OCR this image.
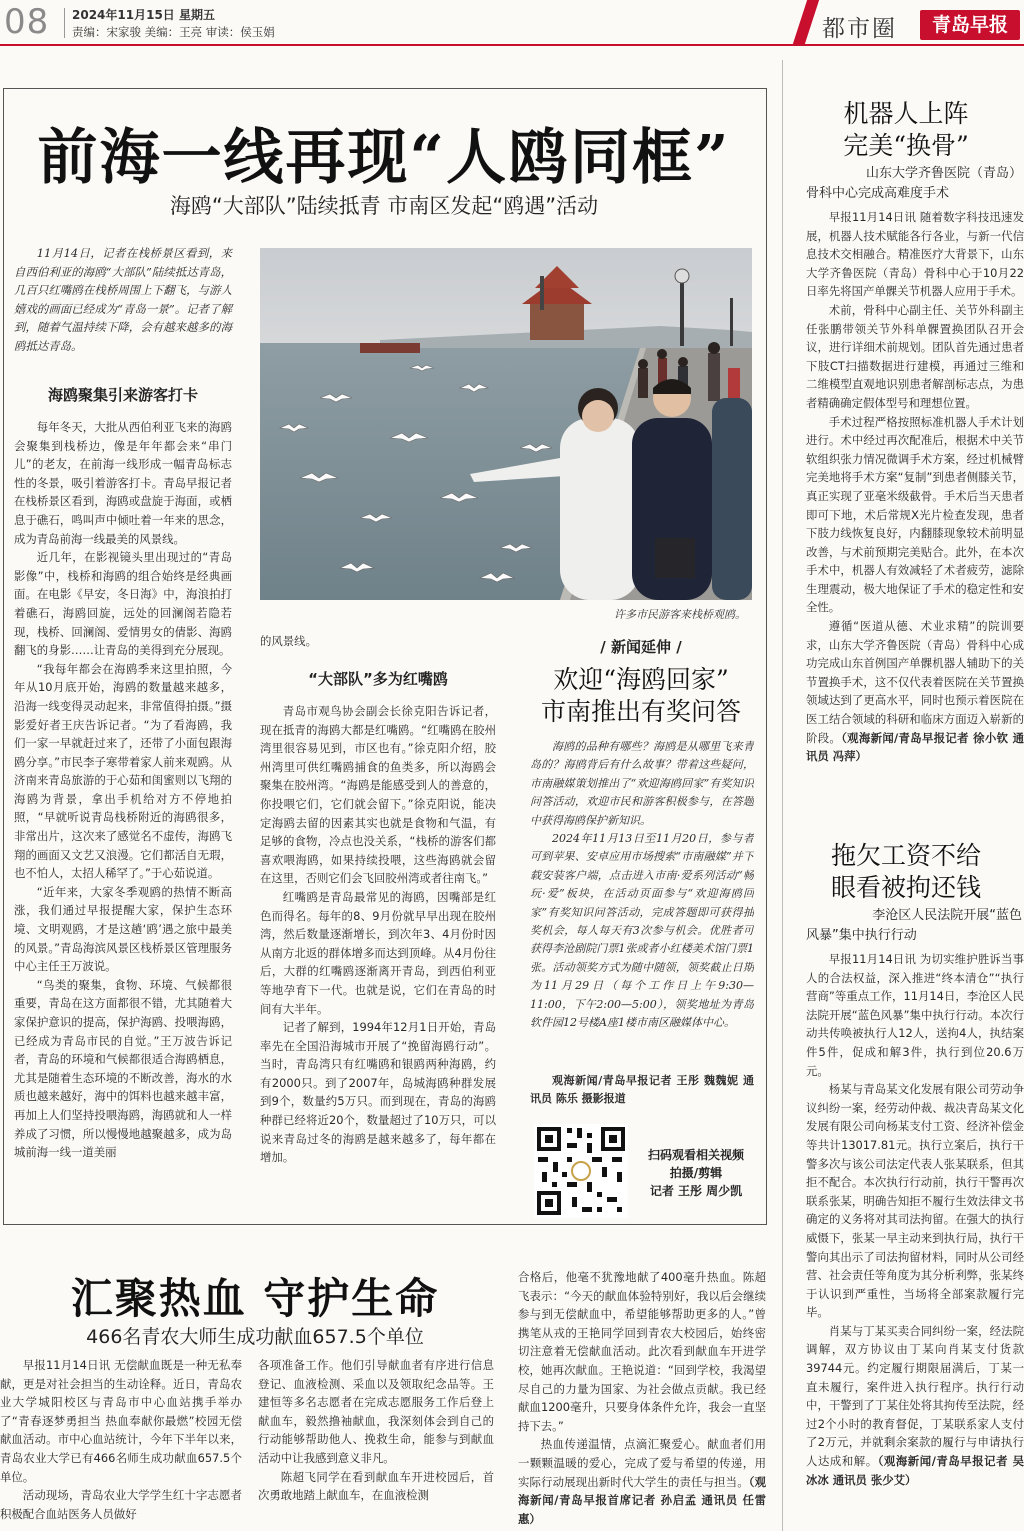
08 2024年11月15日 星期五
责编：宋家骏 美编：王亮 审读：侯玉娟	都市圈	青岛早报
前海一线再现“人鸥同框”
海鸥“大部队”陆续抵青 市南区发起“鸥遇”活动

11月14日，记者在栈桥景区看到，来自西伯利亚的海鸥“大部队”陆续抵达青岛，几百只红嘴鸥在栈桥周围上下翻飞，与游人嬉戏的画面已经成为“青岛一景”。记者了解到，随着气温持续下降，会有越来越多的海鸥抵达青岛。

海鸥聚集引来游客打卡

每年冬天，大批从西伯利亚飞来的海鸥会聚集到栈桥边，像是年年都会来“串门儿”的老友，在前海一线形成一幅青岛标志性的冬景，吸引着游客打卡。青岛早报记者在栈桥景区看到，海鸥或盘旋于海面，或栖息于礁石，鸣叫声中倾吐着一年来的思念，成为青岛前海一线最美的风景线。

近几年，在影视镜头里出现过的“青岛影像”中，栈桥和海鸥的组合始终是经典画面。在电影《早安，冬日海》中，海浪拍打着礁石，海鸥回旋，远处的回澜阁若隐若现，栈桥、回澜阁、爱情男女的倩影、海鸥翻飞的身影……让青岛的美得到充分展现。

“我每年都会在海鸥季来这里拍照，今年从10月底开始，海鸥的数量越来越多，沿海一线变得灵动起来，非常值得拍摄。”摄影爱好者王庆告诉记者。“为了看海鸥，我们一家一早就赶过来了，还带了小面包跟海鸥分享。”市民李子寒带着家人前来观鸥。从济南来青岛旅游的于心茹和闺蜜则以飞翔的海鸥为背景，拿出手机给对方不停地拍照，“早就听说青岛栈桥附近的海鸥很多，非常出片，这次来了感觉名不虚传，海鸥飞翔的画面又文艺又浪漫。它们都活自无瑕，也不怕人，太招人稀罕了。”于心茹说道。

“近年来，大家冬季观鸥的热情不断高涨，我们通过早报提醒大家，保护生态环境、文明观鸥，才是这趟‘鸥’遇之旅中最美的风景。”青岛海滨风景区栈桥景区管理服务中心主任王万波说。

“鸟类的聚集，食物、环境、气候都很重要，青岛在这方面都很不错，尤其随着大家保护意识的提高，保护海鸥、投喂海鸥，已经成为青岛市民的自觉。”王万波告诉记者，青岛的环境和气候都很适合海鸥栖息，尤其是随着生态环境的不断改善，海水的水质也越来越好，海中的饵料也越来越丰富，再加上人们坚持投喂海鸥，海鸥就和人一样养成了习惯，所以慢慢地越聚越多，成为岛城前海一线一道美丽

许多市民游客来栈桥观鸥。

的风景线。

“大部队”多为红嘴鸥

青岛市观鸟协会副会长徐克阳告诉记者，现在抵青的海鸥大都是红嘴鸥。“红嘴鸥在胶州湾里很容易见到，市区也有。”徐克阳介绍，胶州湾里可供红嘴鸥捕食的鱼类多，所以海鸥会聚集在胶州湾。“海鸥是能感受到人的善意的，你投喂它们，它们就会留下。”徐克阳说，能决定海鸥去留的因素其实也就是食物和气温，有足够的食物，冷点也没关系，“栈桥的游客们都喜欢喂海鸥，如果持续投喂，这些海鸥就会留在这里，否则它们会飞回胶州湾或者往南飞。”

红嘴鸥是青岛最常见的海鸥，因嘴部是红色而得名。每年的8、9月份就早早出现在胶州湾，然后数量逐渐增长，到次年3、4月份时因从南方北返的群体增多而达到顶峰。从4月份往后，大群的红嘴鸥逐渐离开青岛，到西伯利亚等地孕育下一代。也就是说，它们在青岛的时间有大半年。

记者了解到，1994年12月1日开始，青岛率先在全国沿海城市开展了“挽留海鸥行动”。当时，青岛湾只有红嘴鸥和银鸥两种海鸥，约有2000只。到了2007年，岛城海鸥种群发展到9个，数量约5万只。而到现在，青岛的海鸥种群已经将近20个，数量超过了10万只，可以说来青岛过冬的海鸥是越来越多了，每年都在增加。

/ 新闻延伸 /
欢迎“海鸥回家”
市南推出有奖问答

海鸥的品种有哪些？海鸥是从哪里飞来青岛的？海鸥背后有什么故事？带着这些疑问，市南融媒策划推出了“欢迎海鸥回家”有奖知识问答活动，欢迎市民和游客积极参与，在答题中获得海鸥保护新知识。

2024年11月13日至11月20日，参与者可到苹果、安卓应用市场搜索“市南融媒”并下载安装客户端，点击进入市南·爱系列活动“畅玩·爱”板块，在活动页面参与“欢迎海鸥回家”有奖知识问答活动，完成答题即可获得抽奖机会，每人每天有3次参与机会。优胜者可获得李沧剧院门票1张或者小红楼美术馆门票1张。活动领奖方式为随中随领，领奖截止日期为11月29日（每个工作日上午9:30—11:00，下午2:00—5:00），领奖地址为青岛软件园12号楼A座1楼市南区融媒体中心。

观海新闻/青岛早报记者 王彤 魏魏妮 通讯员 陈乐 摄影报道

扫码观看相关视频
拍摄/剪辑
记者 王彤 周少凯
汇聚热血 守护生命
466名青农大师生成功献血657.5个单位

早报11月14日讯 无偿献血既是一种无私奉献，更是对社会担当的生动诠释。近日，青岛农业大学城阳校区与青岛市中心血站携手举办了“青春逐梦勇担当 热血奉献你最燃”校园无偿献血活动。市中心血站统计，今年下半年以来，青岛农业大学已有466名师生成功献血657.5个单位。

活动现场，青岛农业大学学生红十字志愿者积极配合血站医务人员做好

各项准备工作。他们引导献血者有序进行信息登记、血液检测、采血以及领取纪念品等。王建恒等多名志愿者在完成志愿服务工作后登上献血车，毅然撸袖献血，我深刻体会到自己的行动能够帮助他人、挽救生命，能参与到献血活动中让我感到意义非凡。

陈超飞同学在看到献血车开进校园后，首次勇敢地踏上献血车，在血液检测

合格后，他毫不犹豫地献了400毫升热血。陈超飞表示：“今天的献血体验特别好，我以后会继续参与到无偿献血中，希望能够帮助更多的人。”曾携笔从戎的王艳同学回到青农大校园后，始终密切注意着无偿献血活动。此次看到献血车开进学校，她再次献血。王艳说道：“回到学校，我渴望尽自己的力量为国家、为社会做点贡献。我已经献血1200毫升，只要身体条件允许，我会一直坚持下去。”

热血传递温情，点滴汇聚爱心。献血者们用一颗颗温暖的爱心，完成了爱与希望的传递，用实际行动展现出新时代大学生的责任与担当。（观海新闻/青岛早报首席记者 孙启孟 通讯员 任雷惠）

机器人上阵
完美“换骨”
山东大学齐鲁医院（青岛）
骨科中心完成高难度手术

早报11月14日讯 随着数字科技迅速发展，机器人技术赋能各行各业，与新一代信息技术交相融合。精准医疗大背景下，山东大学齐鲁医院（青岛）骨科中心于10月22日率先将国产单髁关节机器人应用于手术。

术前，骨科中心副主任、关节外科副主任张鹏带领关节外科单髁置换团队召开会议，进行详细术前规划。团队首先通过患者下肢CT扫描数据进行建模，再通过三维和二维模型直观地识别患者解剖标志点，为患者精确确定假体型号和理想位置。

手术过程严格按照标准机器人手术计划进行。术中经过再次配准后，根据术中关节软组织张力情况微调手术方案，经过机械臂完美地将手术方案“复制”到患者侧膝关节，真正实现了亚毫米级截骨。手术后当天患者即可下地，术后常规X光片检查发现，患者下肢力线恢复良好，内翻膝现象较术前明显改善，与术前预期完美贴合。此外，在本次手术中，机器人有效减轻了术者疲劳，滤除生理震动，极大地保证了手术的稳定性和安全性。

遵循“医道从德、术业求精”的院训要求，山东大学齐鲁医院（青岛）骨科中心成功完成山东首例国产单髁机器人辅助下的关节置换手术，这不仅代表着医院在关节置换领域达到了更高水平，同时也预示着医院在医工结合领域的科研和临床方面迈入崭新的阶段。（观海新闻/青岛早报记者 徐小钦 通讯员 冯萍）

拖欠工资不给
眼看被拘还钱
李沧区人民法院开展“蓝色
风暴”集中执行行动

早报11月14日讯 为切实维护胜诉当事人的合法权益，深入推进“终本清仓”“执行营商”等重点工作，11月14日，李沧区人民法院开展“蓝色风暴”集中执行行动。本次行动共传唤被执行人12人，送拘4人，执结案件5件，促成和解3件，执行到位20.6万元。

杨某与青岛某文化发展有限公司劳动争议纠纷一案，经劳动仲裁、裁决青岛某文化发展有限公司向杨某支付工资、经济补偿金等共计13017.81元。执行立案后，执行干警多次与该公司法定代表人张某联系，但其拒不配合。本次执行行动前，执行干警再次联系张某，明确告知拒不履行生效法律文书确定的义务将对其司法拘留。在强大的执行威慑下，张某一早主动来到执行局，执行干警向其出示了司法拘留材料，同时从公司经营、社会责任等角度为其分析利弊，张某终于认识到严重性，当场将全部案款履行完毕。

肖某与丁某买卖合同纠纷一案，经法院调解，双方协议由丁某向肖某支付货款39744元。约定履行期限届满后，丁某一直未履行，案件进入执行程序。执行行动中，干警到了丁某住处将其拘传至法院，经过2个小时的教育督促，丁某联系家人支付了2万元，并就剩余案款的履行与申请执行人达成和解。（观海新闻/青岛早报记者 吴冰冰 通讯员 张少艾）
